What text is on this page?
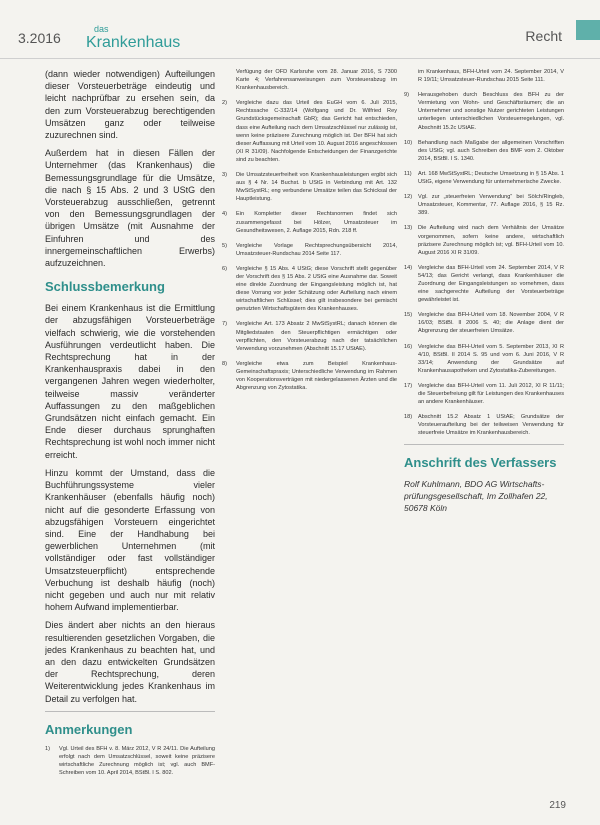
3.2016
das
Krankenhaus	Recht

(dann wieder notwendigen) Aufteilungen dieser Vorsteuerbeträge eindeutig und leicht nachprüfbar zu ersehen sein, da den zum Vorsteuerabzug berechtigenden Umsätzen ganz oder teilweise zuzurechnen sind.

Außerdem hat in diesen Fällen der Unternehmer (das Krankenhaus) die Bemessungsgrundlage für die Umsätze, die nach § 15 Abs. 2 und 3 UStG den Vorsteuerabzug ausschließen, getrennt von den Bemessungsgrundlagen der übrigen Umsätze (mit Ausnahme der Einfuhren und des innergemeinschaftlichen Erwerbs) aufzuzeichnen.

Schlussbemerkung

Bei einem Krankenhaus ist die Ermittlung der abzugsfähigen Vorsteuerbeträge vielfach schwierig, wie die vorstehenden Ausführungen verdeutlicht haben. Die Rechtsprechung hat in der Krankenhauspraxis dabei in den vergangenen Jahren wegen wiederholter, teilweise massiv veränderter Auffassungen zu den maßgeblichen Grundsätzen nicht einfach gemacht. Ein Ende dieser durchaus sprunghaften Rechtsprechung ist wohl noch immer nicht erreicht.

Hinzu kommt der Umstand, dass die Buchführungssysteme vieler Krankenhäuser (ebenfalls häufig noch) nicht auf die gesonderte Erfassung von abzugsfähigen Vorsteuern eingerichtet sind. Eine der Handhabung bei gewerblichen Unternehmen (mit vollständiger oder fast vollständiger Umsatzsteuerpflicht) entsprechende Verbuchung ist deshalb häufig (noch) nicht gegeben und auch nur mit relativ hohem Aufwand implementierbar.

Dies ändert aber nichts an den hieraus resultierenden gesetzlichen Vorgaben, die jedes Krankenhaus zu beachten hat, und an den dazu entwickelten Grundsätzen der Rechtsprechung, deren Weiterentwicklung jedes Krankenhaus im Detail zu verfolgen hat.

Anmerkungen
1)	Vgl. Urteil des BFH v. 8. März 2012, V R 24/11. Die Aufteilung erfolgt nach dem Umsatzschlüssel, soweit keine präzisere wirtschaftliche Zurechnung möglich ist; vgl. auch BMF-Schreiben vom 10. April 2014, BStBl. I S. 802.
Verfügung der OFD Karlsruhe vom 28. Januar 2016, S 7300 Karte 4; Verfahrensanweisungen zum Vorsteuerabzug im Krankenhausbereich.
2)	Vergleiche dazu das Urteil des EuGH vom 6. Juli 2015, Rechtssache C-332/14 (Wolfgang und Dr. Wilfried Rey Grundstücksgemeinschaft GbR); das Gericht hat entschieden, dass eine Aufteilung nach dem Umsatzschlüssel nur zulässig ist, wenn keine präzisere Zurechnung möglich ist. Der BFH hat sich dieser Auffassung mit Urteil vom 10. August 2016 angeschlossen (XI R 31/09). Nachfolgende Entscheidungen der Finanzgerichte sind zu beachten.
3)	Die Umsatzsteuerfreiheit von Krankenhausleistungen ergibt sich aus § 4 Nr. 14 Buchst. b UStG in Verbindung mit Art. 132 MwStSystRL; eng verbundene Umsätze teilen das Schicksal der Hauptleistung.
4)	Ein Kompletter dieser Rechtsnormen findet sich zusammengefasst bei Hölzer, Umsatzsteuer im Gesundheitswesen, 2. Auflage 2015, Rdn. 218 ff.
5)	Vergleiche Vorlage Rechtsprechungsübersicht 2014, Umsatzsteuer-Rundschau 2014 Seite 117.
6)	Vergleiche § 15 Abs. 4 UStG; diese Vorschrift stellt gegenüber der Vorschrift des § 15 Abs. 2 UStG eine Ausnahme dar. Soweit eine direkte Zuordnung der Eingangsleistung möglich ist, hat diese Vorrang vor jeder Schätzung oder Aufteilung nach einem wirtschaftlichen Schlüssel; dies gilt insbesondere bei gemischt genutzten Wirtschaftsgütern des Krankenhauses.
7)	Vergleiche Art. 173 Absatz 2 MwStSystRL; danach können die Mitgliedstaaten den Steuerpflichtigen ermächtigen oder verpflichten, den Vorsteuerabzug nach der tatsächlichen Verwendung vorzunehmen (Abschnitt 15.17 UStAE).
8)	Vergleiche etwa zum Beispiel Krankenhaus-Gemeinschaftspraxis; Unterschiedliche Verwendung im Rahmen von Kooperationsverträgen mit niedergelassenen Ärzten und die Abgrenzung von Zytostatika.
im Krankenhaus, BFH-Urteil vom 24. September 2014, V R 19/11; Umsatzsteuer-Rundschau 2015 Seite 111.
9)	Herausgehoben durch Beschluss des BFH zu der Vermietung von Wohn- und Geschäftsräumen; die an Unternehmer und sonstige Nutzer gerichteten Leistungen unterliegen unterschiedlichen Vorsteuerregelungen, vgl. Abschnitt 15.2c UStAE.
10)	Behandlung nach Maßgabe der allgemeinen Vorschriften des UStG; vgl. auch Schreiben des BMF vom 2. Oktober 2014, BStBl. I S. 1340.
11)	Art. 168 MwStSystRL; Deutsche Umsetzung in § 15 Abs. 1 UStG, eigene Verwendung für unternehmerische Zwecke.
12)	Vgl. zur „steuerfreien Verwendung“ bei Sölch/Ringleb, Umsatzsteuer, Kommentar, 77. Auflage 2016, § 15 Rz. 389.
13)	Die Aufteilung wird nach dem Verhältnis der Umsätze vorgenommen, sofern keine andere, wirtschaftlich präzisere Zurechnung möglich ist; vgl. BFH-Urteil vom 10. August 2016 XI R 31/09.
14)	Vergleiche das BFH-Urteil vom 24. September 2014, V R 54/13; das Gericht verlangt, dass Krankenhäuser die Zuordnung der Eingangsleistungen so vornehmen, dass eine sachgerechte Aufteilung der Vorsteuerbeträge gewährleistet ist.
15)	Vergleiche das BFH-Urteil vom 18. November 2004, V R 16/03; BStBl. II 2006 S. 40; die Anlage dient der Abgrenzung der steuerfreien Umsätze.
16)	Vergleiche das BFH-Urteil vom 5. September 2013, XI R 4/10, BStBl. II 2014 S. 95 und vom 6. Juni 2016, V R 33/14; Anwendung der Grundsätze auf Krankenhausapotheken und Zytostatika-Zubereitungen.
17)	Vergleiche das BFH-Urteil vom 11. Juli 2012, XI R 11/11; die Steuerbefreiung gilt für Leistungen des Krankenhauses an andere Krankenhäuser.
18)	Abschnitt 15.2 Absatz 1 UStAE; Grundsätze der Vorsteueraufteilung bei der teilweisen Verwendung für steuerfreie Umsätze im Krankenhausbereich.
Anschrift des Verfassers

Rolf Kuhlmann, BDO AG Wirtschafts-
prüfungsgesellschaft, Im Zollhafen 22,
50678 Köln

219
